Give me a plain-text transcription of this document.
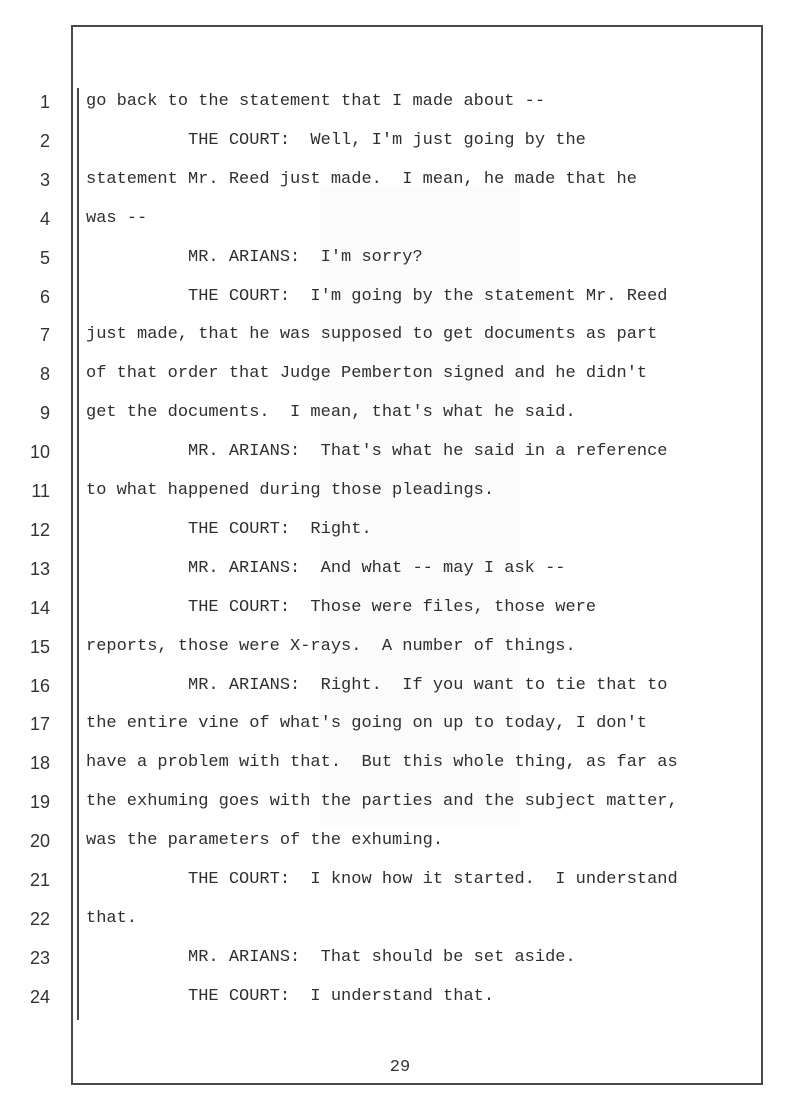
1 go back to the statement that I made about --
2 THE COURT:  Well, I'm just going by the
3 statement Mr. Reed just made.  I mean, he made that he
4 was --
5 MR. ARIANS:  I'm sorry?
6 THE COURT:  I'm going by the statement Mr. Reed
7 just made, that he was supposed to get documents as part
8 of that order that Judge Pemberton signed and he didn't
9 get the documents.  I mean, that's what he said.
10 MR. ARIANS:  That's what he said in a reference
11 to what happened during those pleadings.
12 THE COURT:  Right.
13 MR. ARIANS:  And what -- may I ask --
14 THE COURT:  Those were files, those were
15 reports, those were X-rays.  A number of things.
16 MR. ARIANS:  Right.  If you want to tie that to
17 the entire vine of what's going on up to today, I don't
18 have a problem with that.  But this whole thing, as far as
19 the exhuming goes with the parties and the subject matter,
20 was the parameters of the exhuming.
21 THE COURT:  I know how it started.  I understand
22 that.
23 MR. ARIANS:  That should be set aside.
24 THE COURT:  I understand that.
29
